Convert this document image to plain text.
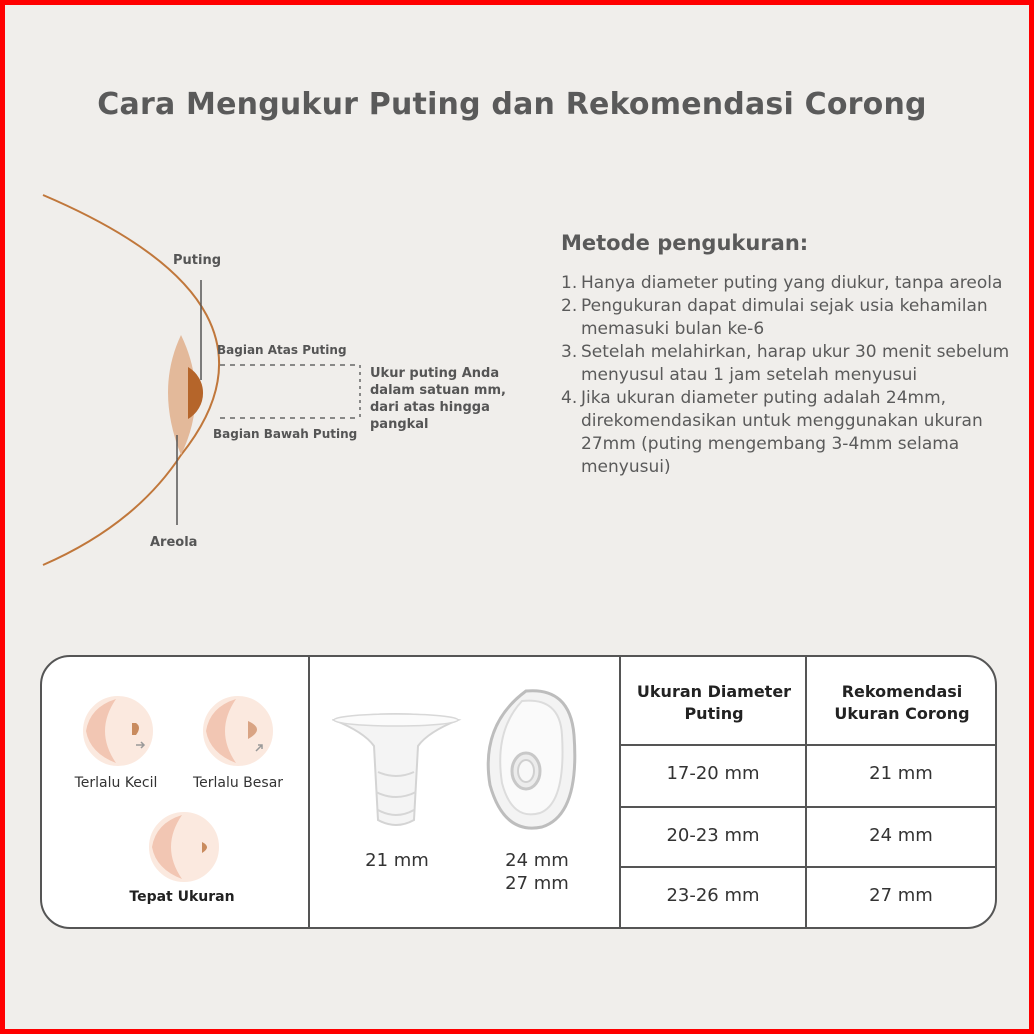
Cara Mengukur Puting dan Rekomendasi Corong
Puting
Bagian Atas Puting
Bagian Bawah Puting
Areola
Ukur puting Anda dalam satuan mm, dari atas hingga pangkal
Metode pengukuran:
1. Hanya diameter puting yang diukur, tanpa areola
2. Pengukuran dapat dimulai sejak usia kehamilan memasuki bulan ke-6
3. Setelah melahirkan, harap ukur 30 menit sebelum menyusul atau 1 jam setelah menyusui
4. Jika ukuran diameter puting adalah 24mm, direkomendasikan untuk menggunakan ukuran 27mm (puting mengembang 3-4mm selama menyusui)
Terlalu Kecil	Terlalu Besar
Tepat Ukuran
21 mm	24 mm
27 mm
Ukuran Diameter Puting
Rekomendasi Ukuran Corong
17-20 mm	21 mm
20-23 mm	24 mm
23-26 mm	27 mm
